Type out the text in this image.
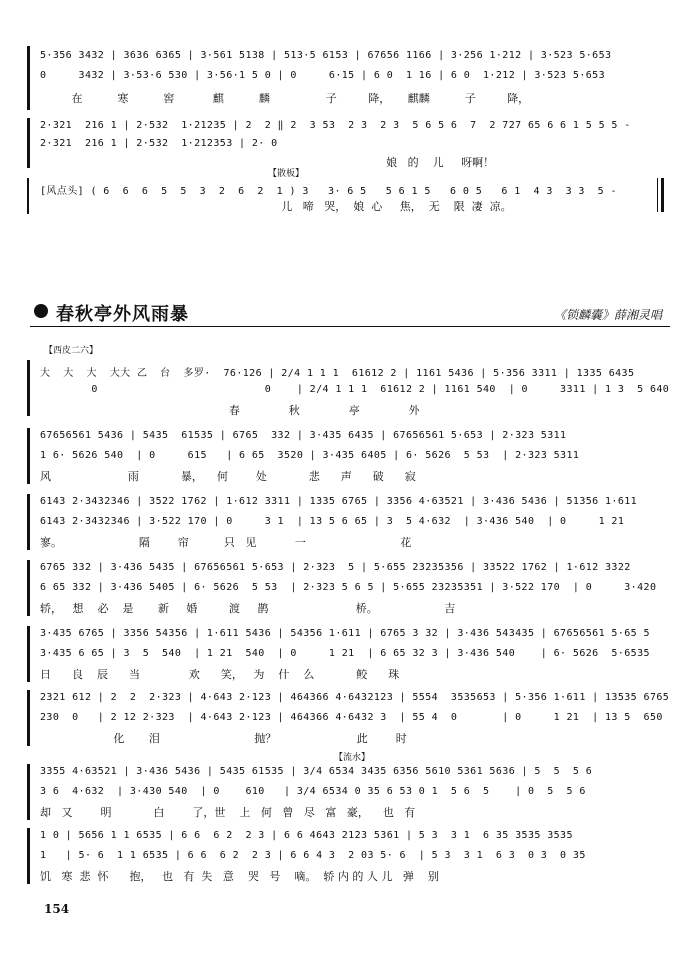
5·356 3432 | 3636 6365 | 3·561 5138 | 513·5 6153 | 67656 1166 | 3·256 1·212 | 3·523 5·653
0     3432 | 3·53·6 530 | 3·56·1 5 0 | 0     6·15 | 6 0  1 16 | 6 0  1·212 | 3·523 5·653
在          寒          窖           麒          麟                子         降，     麒麟          子         降，
2·321  216 1 | 2·532  1·21235 | 2  2 ‖ 2  3 53  2 3  2 3  5 6 5 6  7  2 727 65 6 6 1 5 5 5 -
2·321  216 1 | 2·532  1·212353 | 2· 0
娘   的    儿     呀啊！
【散板】
[风点头] ( 6  6  6  5  5  3  2  6  2  1 ) 3   3· 6 5   5 6 1 5   6 0 5   6 1  4 3  3 3  5 -
儿   啼   哭，  娘  心     焦，  无    限  凄  凉。
春秋亭外风雨暴	《锁麟囊》薛湘灵唱
【西皮二六】
大  大  大  大大 乙  台  多罗·  76·126 | 2/4 1 1 1  61612 2 | 1161 5436 | 5·356 3311 | 1335 6435
0                          0    | 2/4 1 1 1  61612 2 | 1161 540  | 0     3311 | 1 3  5 640
春              秋              亭              外
67656561 5436 | 5435  61535 | 6765  332 | 3·435 6435 | 67656561 5·653 | 2·323 5311
1 6· 5626 540  | 0     615   | 6 65  3520 | 3·435 6405 | 6· 5626  5 53  | 2·323 5311
风                      雨            暴，    何        处            悲      声      破      寂
6143 2·3432346 | 3522 1762 | 1·612 3311 | 1335 6765 | 3356 4·63521 | 3·436 5436 | 51356 1·611
6143 2·3432346 | 3·522 170 | 0     3 1  | 13 5 6 65 | 3  5 4·632  | 3·436 540  | 0     1 21
寥。                      隔        帘          只   见           一                           花
6765 332 | 3·436 5435 | 67656561 5·653 | 2·323  5 | 5·655 23235356 | 33522 1762 | 1·612 3322
6 65 332 | 3·436 5405 | 6· 5626  5 53  | 2·323 5 6 5 | 5·655 23235351 | 3·522 170  | 0     3·420
轿，   想    必    是       新     婚         渡     鹊                         桥。                   吉
3·435 6765 | 3356 54356 | 1·611 5436 | 54356 1·611 | 6765 3 32 | 3·436 543435 | 67656561 5·65 5
3·435 6 65 | 3  5  540  | 1 21  540  | 0     1 21  | 6 65 32 3 | 3·436 540    | 6· 5626  5·6535
日      良    辰      当              欢      笑，   为    什    么            鲛      珠
2321 612 | 2  2  2·323 | 4·643 2·123 | 464366 4·6432123 | 5554  3535653 | 5·356 1·611 | 13535 6765
230  0   | 2 12 2·323  | 4·643 2·123 | 464366 4·6432 3  | 55 4  0       | 0     1 21  | 13 5  650
化       泪                           抛？                       此        时
【流水】
3355 4·63521 | 3·436 5436 | 5435 61535 | 3/4 6534 3435 6356 5610 5361 5636 | 5  5  5 6
3 6  4·632  | 3·430 540  | 0    610   | 3/4 6534 0 35 6 53 0 1  5 6  5    | 0  5  5 6
却   又        明            白        了，世    上   何   曾   尽   富   豪，    也   有
1 0 | 5656 1 1 6535 | 6 6  6 2  2 3 | 6 6 4643 2123 5361 | 5 3  3 1  6 35 3535 3535
1   | 5· 6  1 1 6535 | 6 6  6 2  2 3 | 6 6 4 3  2 03 5· 6  | 5 3  3 1  6 3  0 3  0 35
饥   寒  悲  怀      抱，   也   有  失   意    哭   号    嘀。  轿 内 的 人 儿   弹    别
154
